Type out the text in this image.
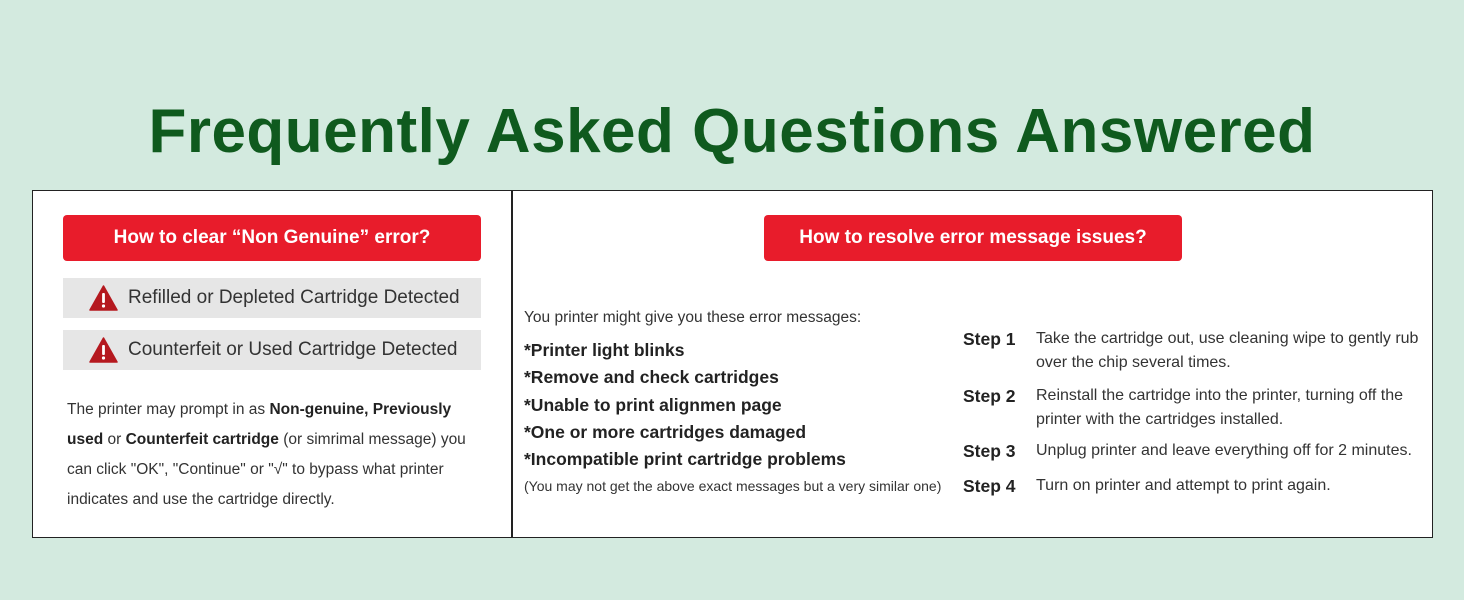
Frequently Asked Questions Answered
How to clear “Non Genuine” error?
Refilled or Depleted Cartridge Detected
Counterfeit or Used Cartridge Detected

The printer may prompt in as Non-genuine, Previously used or Counterfeit cartridge (or simrimal message) you can click "OK", "Continue" or "√" to bypass what printer indicates and use the cartridge directly.

How to resolve error message issues?
You printer might give you these error messages:
*Printer light blinks
*Remove and check cartridges
*Unable to print alignmen page
*One or more cartridges damaged
*Incompatible print cartridge problems
(You may not get the above exact messages but a very similar one)
Step 1	Take the cartridge out, use cleaning wipe to gently rub over the chip several times.
Step 2	Reinstall the cartridge into the printer, turning off the printer with the cartridges installed.
Step 3	Unplug printer and leave everything off for 2 minutes.
Step 4	Turn on printer and attempt to print again.
